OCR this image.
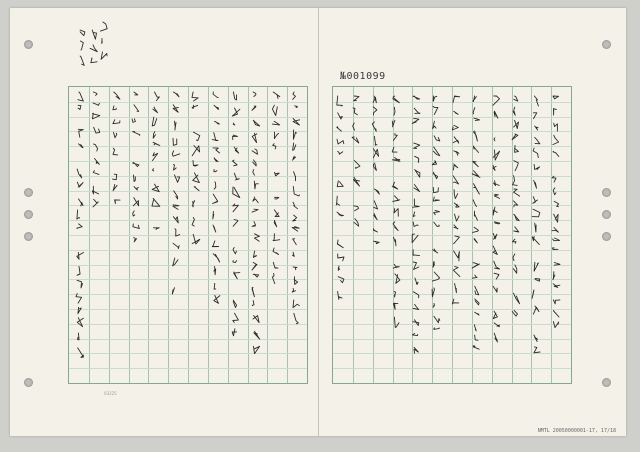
№001099
03225
NMTL 20050000001-17, 17/18
